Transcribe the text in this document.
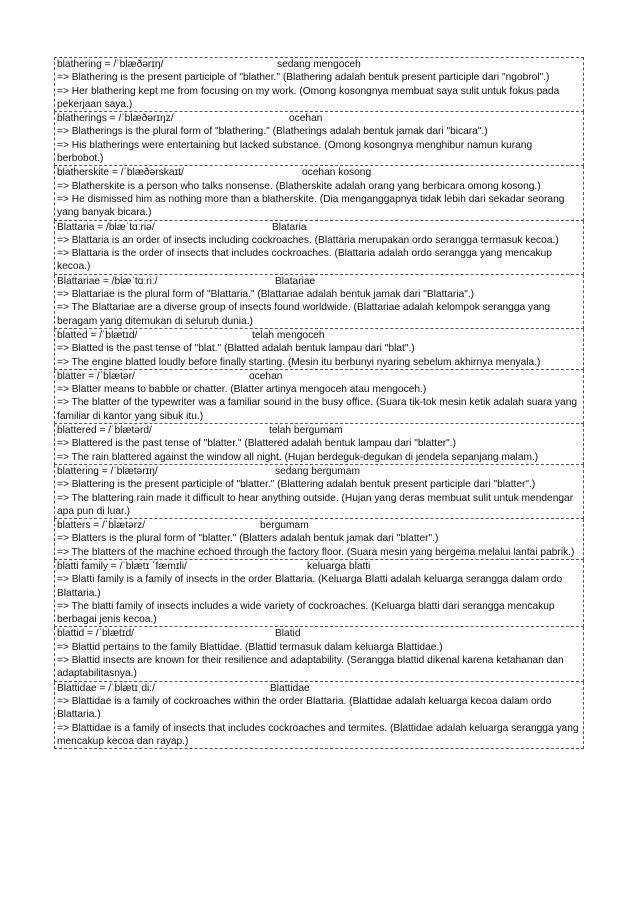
blathering = /ˈblæðərɪŋ/	sedang mengoceh
=> Blathering is the present participle of "blather." (Blathering adalah bentuk present participle dari "ngobrol".)
=> Her blathering kept me from focusing on my work. (Omong kosongnya membuat saya sulit untuk fokus pada pekerjaan saya.)
blatherings = /ˈblæðərɪŋz/	ocehan
=> Blatherings is the plural form of "blathering." (Blatherings adalah bentuk jamak dari "bicara".)
=> His blatherings were entertaining but lacked substance. (Omong kosongnya menghibur namun kurang berbobot.)
blatherskite = /ˈblæðərskaɪt/	ocehan kosong
=> Blatherskite is a person who talks nonsense. (Blatherskite adalah orang yang berbicara omong kosong.)
=> He dismissed him as nothing more than a blatherskite. (Dia menganggapnya tidak lebih dari sekadar seorang yang banyak bicara.)
Blattaria = /blæˈtɑːriə/	Blataria
=> Blattaria is an order of insects including cockroaches. (Blattaria merupakan ordo serangga termasuk kecoa.)
=> Blattaria is the order of insects that includes cockroaches. (Blattaria adalah ordo serangga yang mencakup kecoa.)
Blattariae = /blæˈtɑːriː/	Blatariae
=> Blattariae is the plural form of "Blattaria." (Blattariae adalah bentuk jamak dari "Blattaria".)
=> The Blattariae are a diverse group of insects found worldwide. (Blattariae adalah kelompok serangga yang beragam yang ditemukan di seluruh dunia.)
blatted = /ˈblætɪd/	telah mengoceh
=> Blatted is the past tense of "blat." (Blatted adalah bentuk lampau dari "blat".)
=> The engine blatted loudly before finally starting. (Mesin itu berbunyi nyaring sebelum akhirnya menyala.)
blatter = /ˈblætər/	ocehan
=> Blatter means to babble or chatter. (Blatter artinya mengoceh atau mengoceh.)
=> The blatter of the typewriter was a familiar sound in the busy office. (Suara tik-tok mesin ketik adalah suara yang familiar di kantor yang sibuk itu.)
blattered = /ˈblætərd/	telah bergumam
=> Blattered is the past tense of "blatter." (Blattered adalah bentuk lampau dari "blatter".)
=> The rain blattered against the window all night. (Hujan berdeguk-degukan di jendela sepanjang malam.)
blattering = /ˈblætərɪŋ/	sedang bergumam
=> Blattering is the present participle of "blatter." (Blattering adalah bentuk present participle dari "blatter".)
=> The blattering rain made it difficult to hear anything outside. (Hujan yang deras membuat sulit untuk mendengar apa pun di luar.)
blatters = /ˈblætərz/	bergumam
=> Blatters is the plural form of "blatter." (Blatters adalah bentuk jamak dari "blatter".)
=> The blatters of the machine echoed through the factory floor. (Suara mesin yang bergema melalui lantai pabrik.)
blatti family = /ˈblætɪ ˈfæmɪli/	keluarga blatti
=> Blatti family is a family of insects in the order Blattaria. (Keluarga Blatti adalah keluarga serangga dalam ordo Blattaria.)
=> The blatti family of insects includes a wide variety of cockroaches. (Keluarga blatti dari serangga mencakup berbagai jenis kecoa.)
blattid = /ˈblætɪd/	Blatid
=> Blattid pertains to the family Blattidae. (Blattid termasuk dalam keluarga Blattidae.)
=> Blattid insects are known for their resilience and adaptability. (Serangga blattid dikenal karena ketahanan dan adaptabilitasnya.)
Blattidae = /ˈblætɪˌdiː/	Blattidae
=> Blattidae is a family of cockroaches within the order Blattaria. (Blattidae adalah keluarga kecoa dalam ordo Blattaria.)
=> Blattidae is a family of insects that includes cockroaches and termites. (Blattidae adalah keluarga serangga yang mencakup kecoa dan rayap.)
